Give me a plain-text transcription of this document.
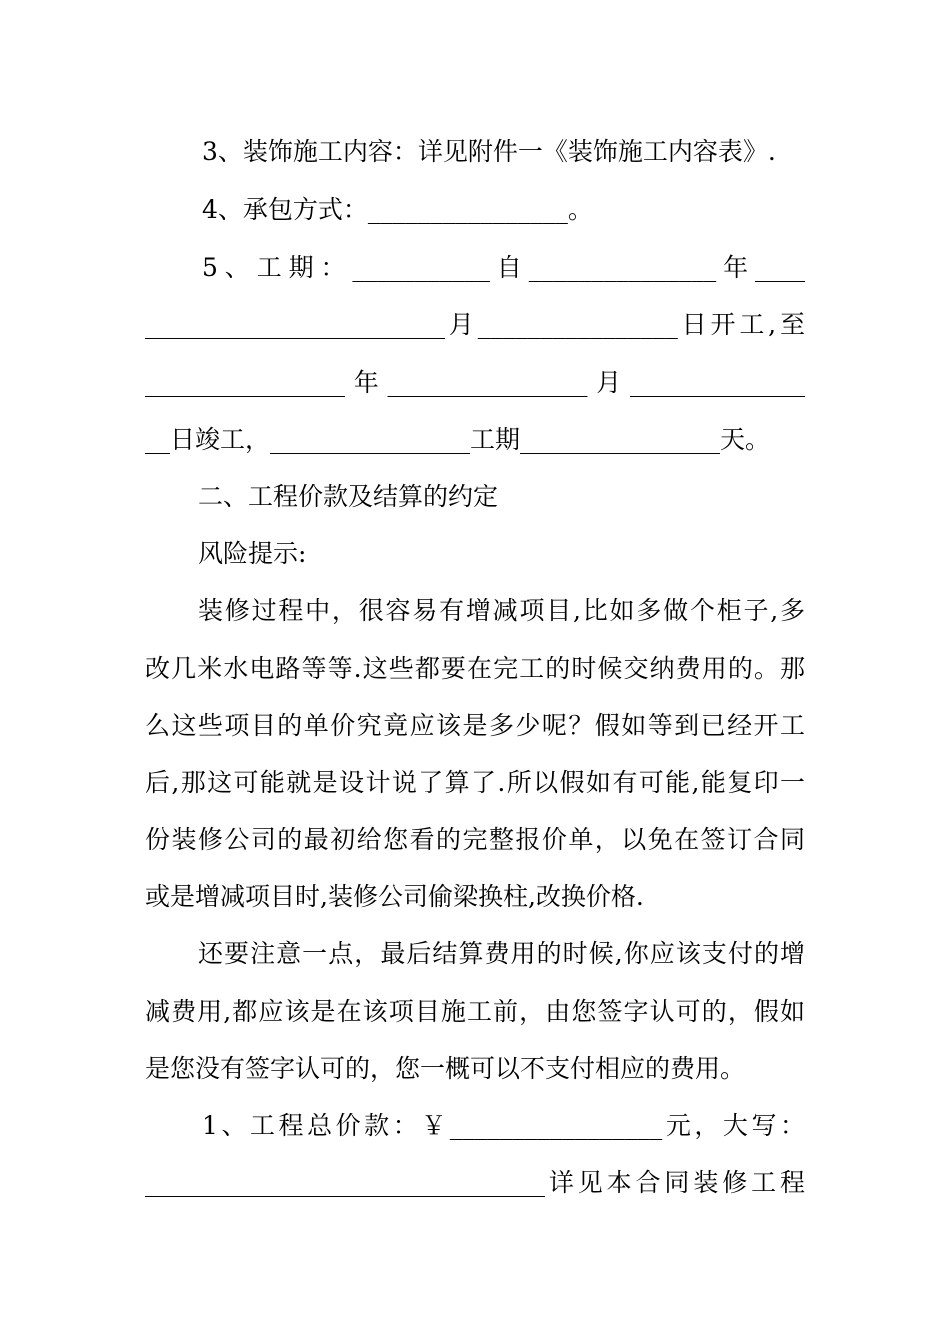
3、装饰施工内容：详见附件一《装饰施工内容表》.
4、承包方式：________________。
5、工期：___________自_______________年____
________________________月________________日开工,至
________________年________________月______________
__日竣工，________________工期________________天。
二、工程价款及结算的约定
风险提示:
装修过程中，很容易有增减项目,比如多做个柜子,多
改几米水电路等等.这些都要在完工的时候交纳费用的。那
么这些项目的单价究竟应该是多少呢？假如等到已经开工
后,那这可能就是设计说了算了.所以假如有可能,能复印一
份装修公司的最初给您看的完整报价单，以免在签订合同
或是增减项目时,装修公司偷梁换柱,改换价格.
还要注意一点，最后结算费用的时候,你应该支付的增
减费用,都应该是在该项目施工前，由您签字认可的，假如
是您没有签字认可的，您一概可以不支付相应的费用。
1、工程总价款：￥_________________元，大写：
________________________________详见本合同装修工程
